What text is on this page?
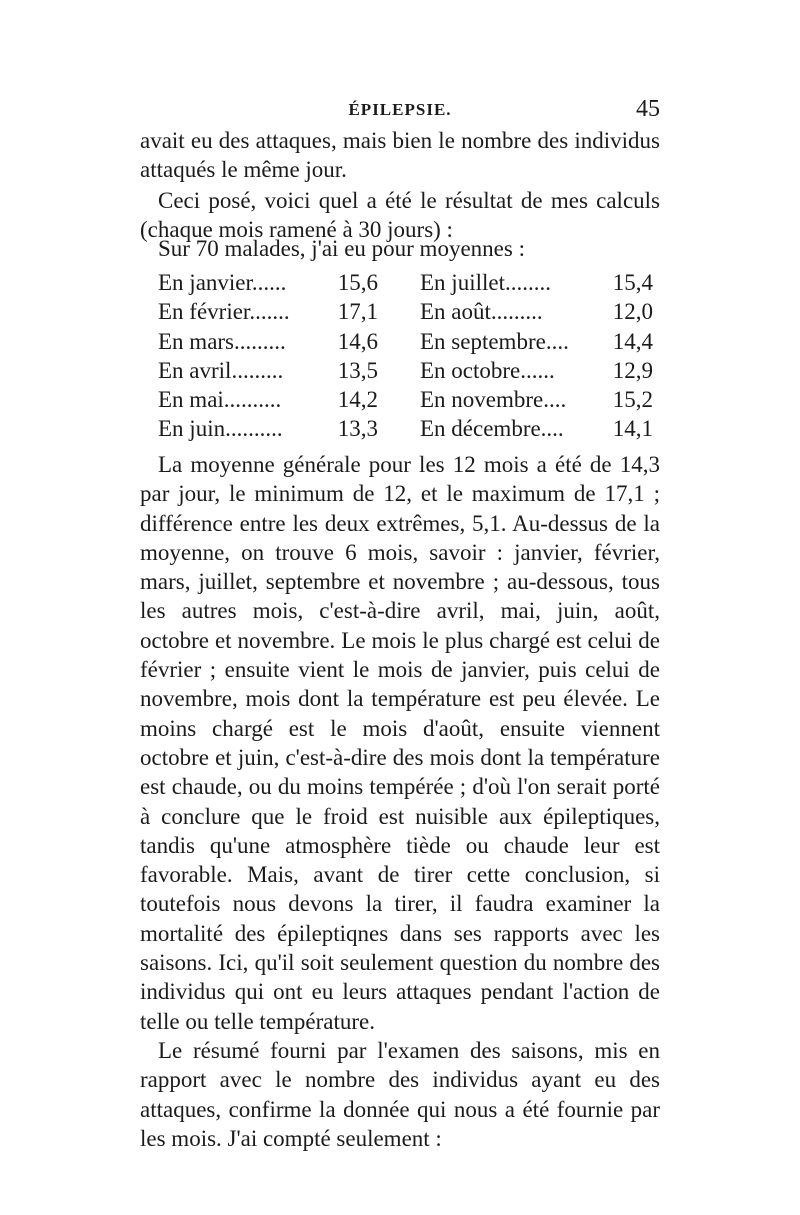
ÉPILEPSIE.	45

avait eu des attaques, mais bien le nombre des individus attaqués le même jour.

Ceci posé, voici quel a été le résultat de mes calculs (chaque mois ramené à 30 jours) :

Sur 70 malades, j'ai eu pour moyennes :

En janvier......	15,6 En juillet........	15,4
En février.......	17,1 En août.........	12,0
En mars.........	14,6 En septembre....	14,4
En avril.........	13,5 En octobre......	12,9
En mai..........	14,2 En novembre....	15,2
En juin..........	13,3 En décembre....	14,1

La moyenne générale pour les 12 mois a été de 14,3 par jour, le minimum de 12, et le maximum de 17,1 ; différence entre les deux extrêmes, 5,1. Au-dessus de la moyenne, on trouve 6 mois, savoir : janvier, février, mars, juillet, septembre et novembre ; au-dessous, tous les autres mois, c'est-à-dire avril, mai, juin, août, octobre et novembre. Le mois le plus chargé est celui de février ; ensuite vient le mois de janvier, puis celui de novembre, mois dont la température est peu élevée. Le moins chargé est le mois d'août, ensuite viennent octobre et juin, c'est-à-dire des mois dont la température est chaude, ou du moins tempérée ; d'où l'on serait porté à conclure que le froid est nuisible aux épileptiques, tandis qu'une atmosphère tiède ou chaude leur est favorable. Mais, avant de tirer cette conclusion, si toutefois nous devons la tirer, il faudra examiner la mortalité des épileptiqnes dans ses rapports avec les saisons. Ici, qu'il soit seulement question du nombre des individus qui ont eu leurs attaques pendant l'action de telle ou telle température.

Le résumé fourni par l'examen des saisons, mis en rapport avec le nombre des individus ayant eu des attaques, confirme la donnée qui nous a été fournie par les mois. J'ai compté seulement :
